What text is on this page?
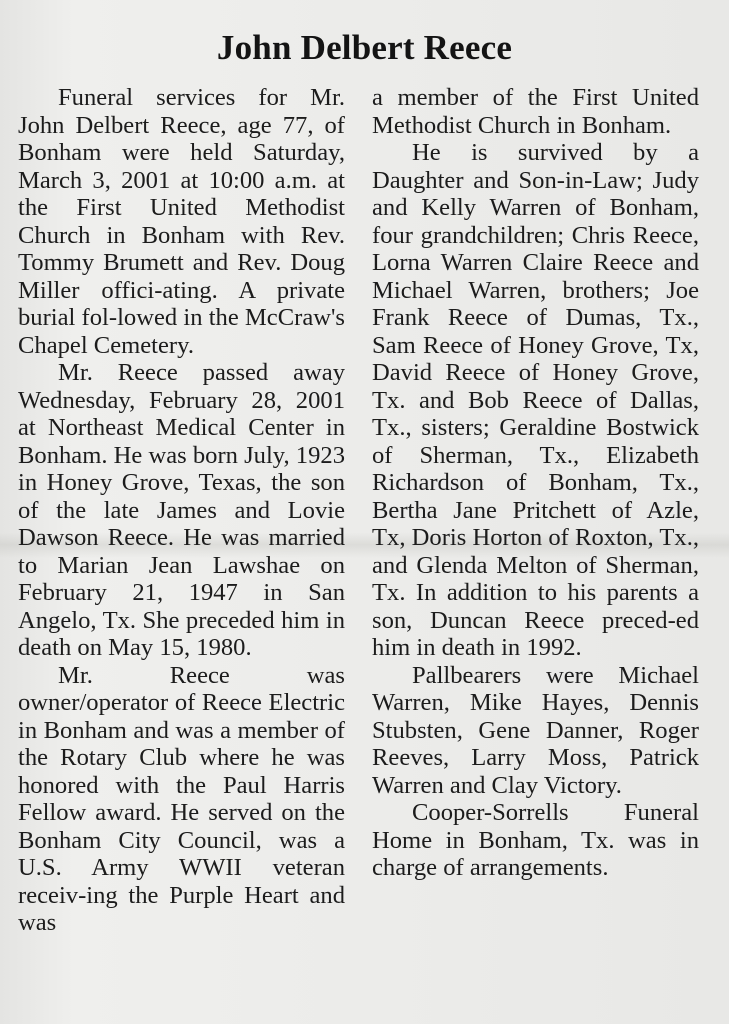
John Delbert Reece

Funeral services for Mr. John Delbert Reece, age 77, of Bonham were held Saturday, March 3, 2001 at 10:00 a.m. at the First United Methodist Church in Bonham with Rev. Tommy Brumett and Rev. Doug Miller offici-ating. A private burial fol-lowed in the McCraw's Chapel Cemetery.

Mr. Reece passed away Wednesday, February 28, 2001 at Northeast Medical Center in Bonham. He was born July, 1923 in Honey Grove, Texas, the son of the late James and Lovie Dawson Reece. He was married to Marian Jean Lawshae on February 21, 1947 in San Angelo, Tx. She preceded him in death on May 15, 1980.

Mr. Reece was owner/operator of Reece Electric in Bonham and was a member of the Rotary Club where he was honored with the Paul Harris Fellow award. He served on the Bonham City Council, was a U.S. Army WWII veteran receiv-ing the Purple Heart and was

a member of the First United Methodist Church in Bonham.

He is survived by a Daughter and Son-in-Law; Judy and Kelly Warren of Bonham, four grandchildren; Chris Reece, Lorna Warren Claire Reece and Michael Warren, brothers; Joe Frank Reece of Dumas, Tx., Sam Reece of Honey Grove, Tx, David Reece of Honey Grove, Tx. and Bob Reece of Dallas, Tx., sisters; Geraldine Bostwick of Sherman, Tx., Elizabeth Richardson of Bonham, Tx., Bertha Jane Pritchett of Azle, Tx, Doris Horton of Roxton, Tx., and Glenda Melton of Sherman, Tx. In addition to his parents a son, Duncan Reece preced-ed him in death in 1992.

Pallbearers were Michael Warren, Mike Hayes, Dennis Stubsten, Gene Danner, Roger Reeves, Larry Moss, Patrick Warren and Clay Victory.

Cooper-Sorrells Funeral Home in Bonham, Tx. was in charge of arrangements.
